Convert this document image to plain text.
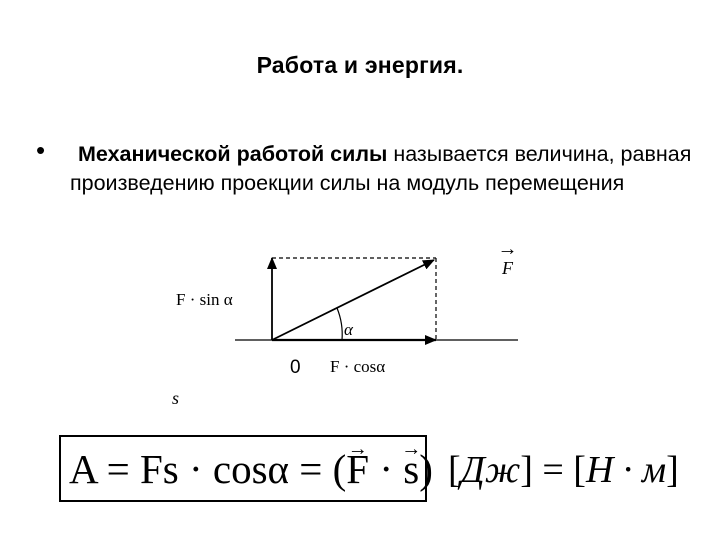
Работа и энергия.
•	Механической работой силы называется величина, равная произведению проекции силы на модуль перемещения
→ F
F · sin α
α
0 F · cosα
s
A = Fs · cosα = (→ F · → s) [Дж] = [Н · м]
